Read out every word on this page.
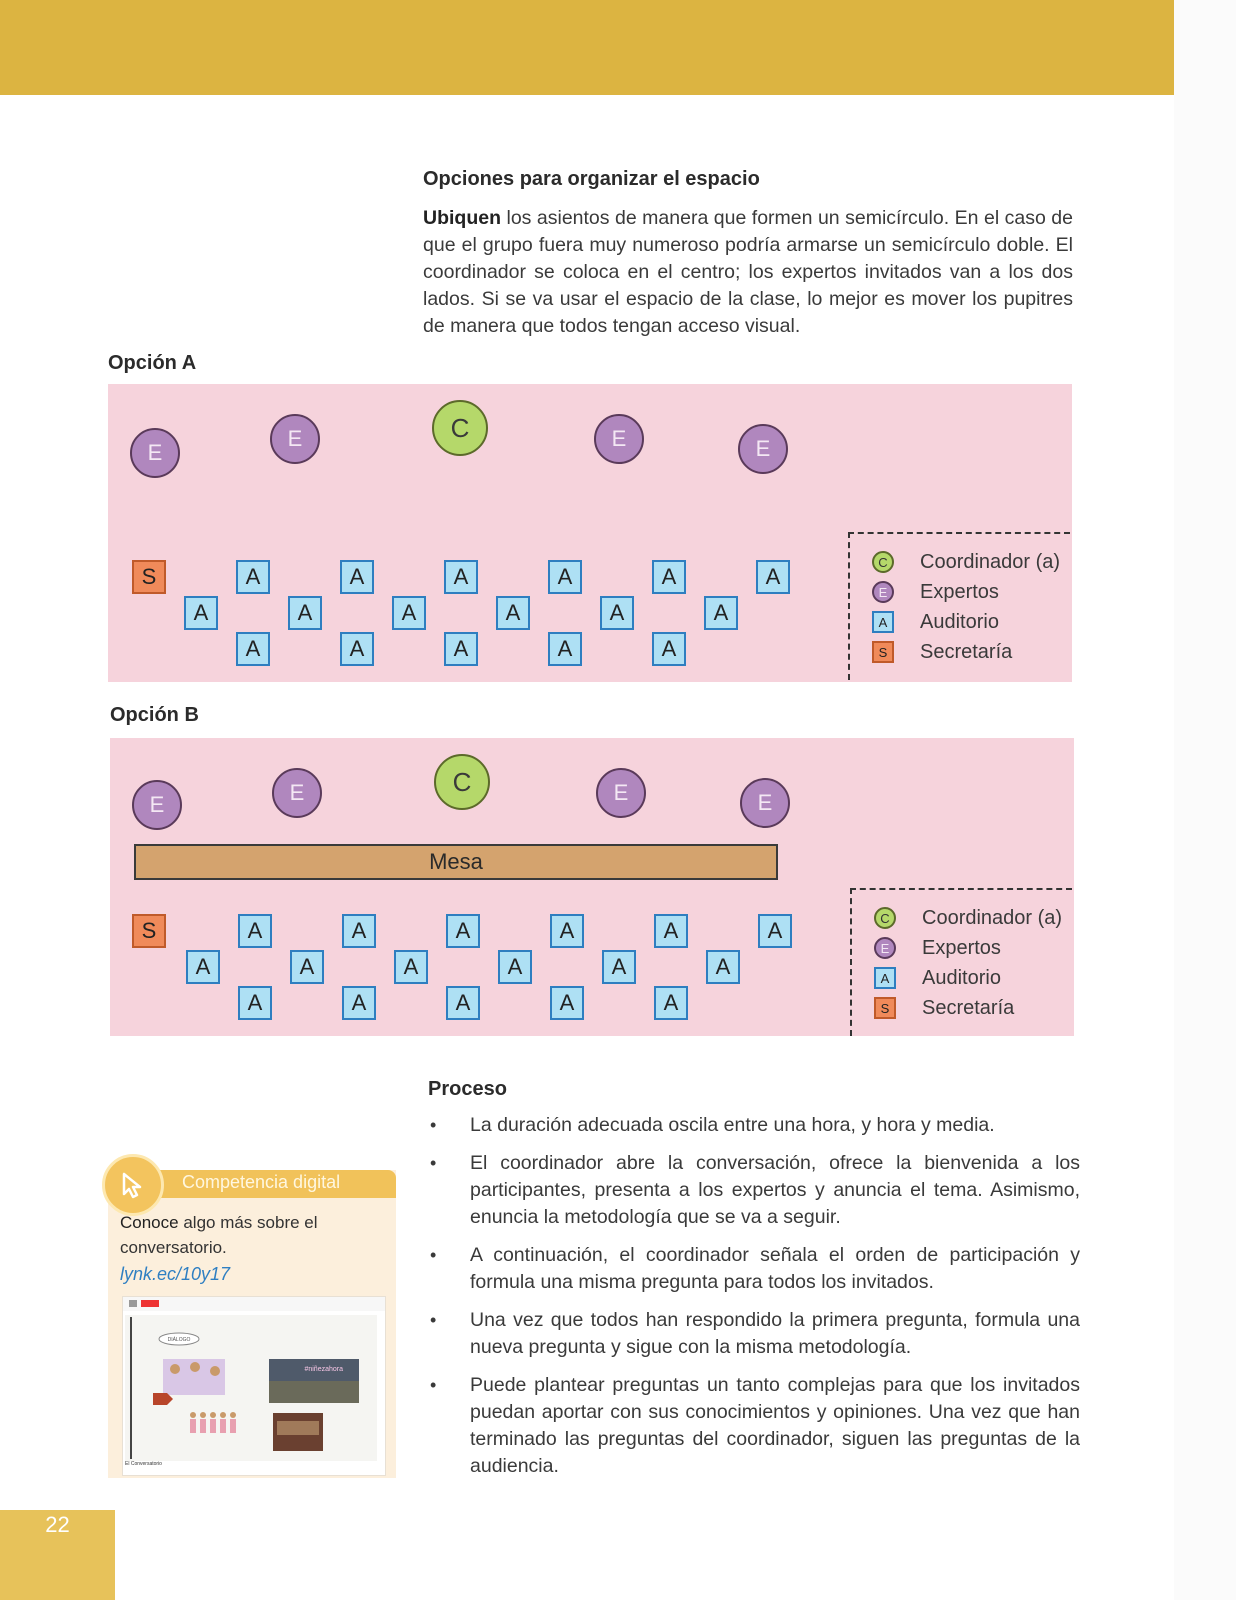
Opciones para organizar el espacio
Ubiquen los asientos de manera que formen un semicírculo. En el caso de que el grupo fuera muy numeroso podría armarse un semicírculo doble. El coordinador se coloca en el centro; los expertos invitados van a los dos lados. Si se va usar el espacio de la clase, lo mejor es mover los pupitres de manera que todos tengan acceso visual.
Opción A
E
E	C	E	E
S	A	A	A	A	A	A
A	A	A	A	A	A
A	A	A	A	A
C	Coordinador (a)
E	Expertos
A	Auditorio
S	Secretaría
Opción B
E	E	C	E	E
Mesa
S	A	A	A	A	A	A
A	A	A	A	A	A
A	A	A	A	A
C	Coordinador (a)
E	Expertos
A	Auditorio
S	Secretaría
Proceso
• La duración adecuada oscila entre una hora, y hora y media.
• El coordinador abre la conversación, ofrece la bienvenida a los participantes, presenta a los expertos y anuncia el tema. Asimismo, enuncia la metodología que se va a seguir.
• A continuación, el coordinador señala el orden de participación y formula una misma pregunta para todos los invitados.
• Una vez que todos han respondido la primera pregunta, formula una nueva pregunta y sigue con la misma metodología.
• Puede plantear preguntas un tanto complejas para que los invitados puedan aportar con sus conocimientos y opiniones. Una vez que han terminado las preguntas del coordinador, siguen las preguntas de la audiencia.
Competencia digital
Conoce algo más sobre el conversatorio.
lynk.ec/10y17
DIÁLOGO
#niñezahora
El Conversatorio
22
